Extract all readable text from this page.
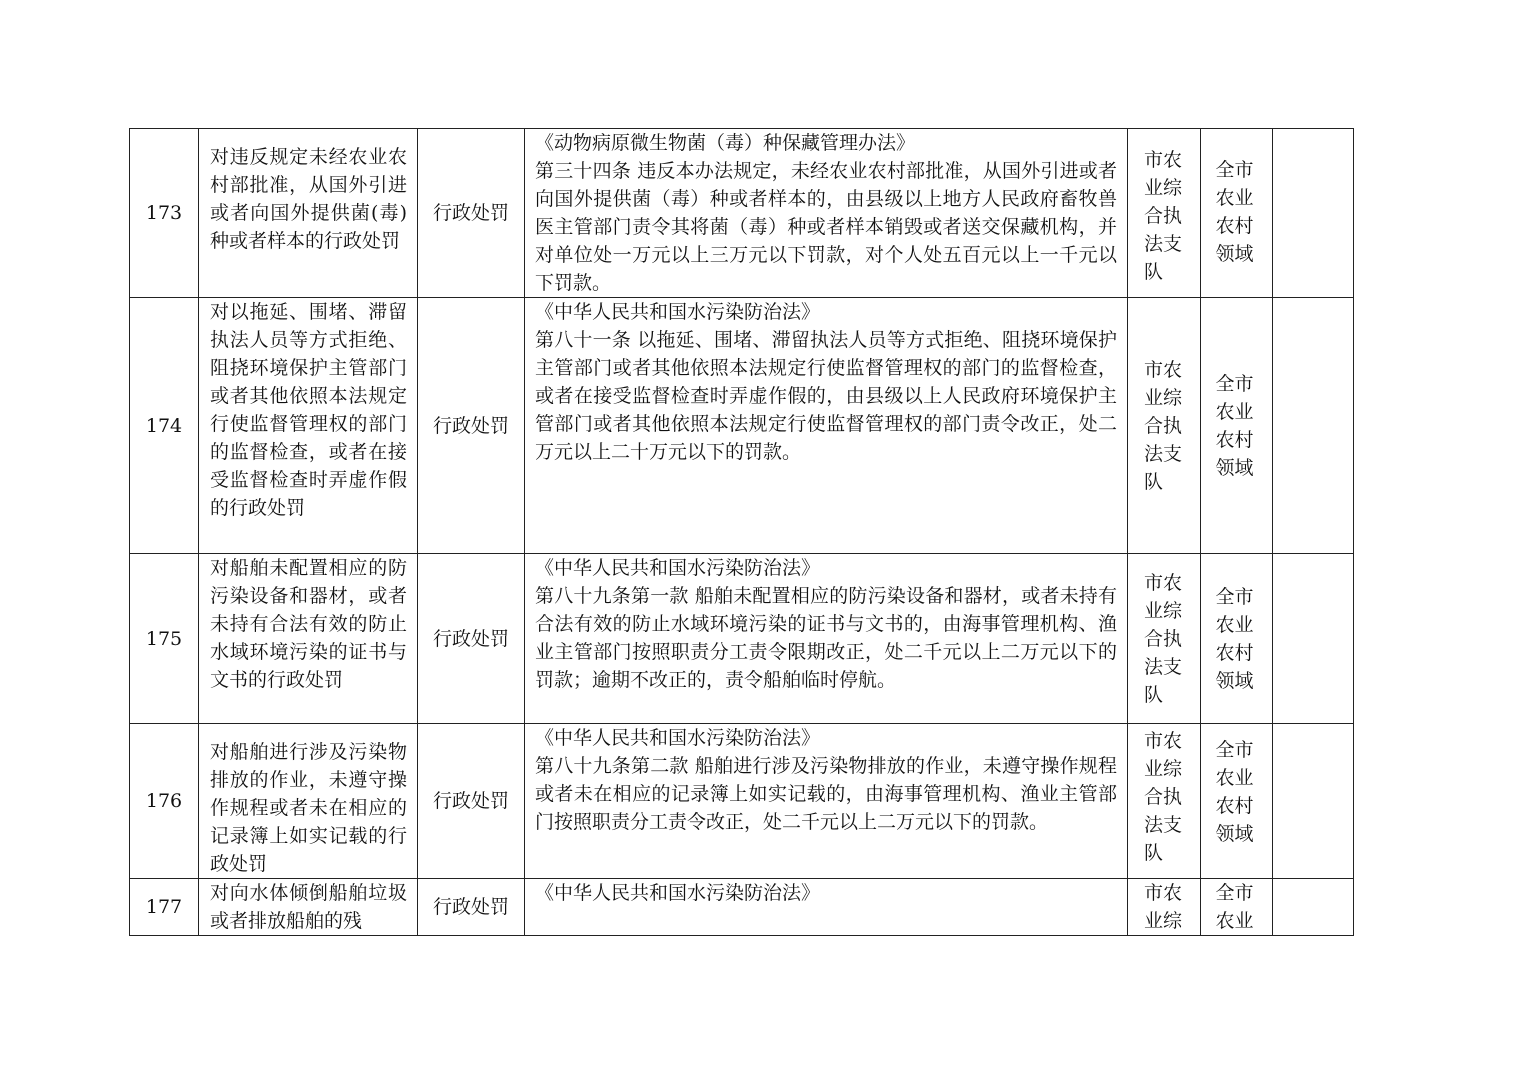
173	对违反规定未经农业农村部批准，从国外引进或者向国外提供菌(毒)种或者样本的行政处罚	行政处罚	《动物病原微生物菌（毒）种保藏管理办法》
第三十四条 违反本办法规定，未经农业农村部批准，从国外引进或者向国外提供菌（毒）种或者样本的，由县级以上地方人民政府畜牧兽医主管部门责令其将菌（毒）种或者样本销毁或者送交保藏机构，并对单位处一万元以上三万元以下罚款，对个人处五百元以上一千元以下罚款。	市农业综合执法支队	全市农业农村领域	
174	对以拖延、围堵、滞留执法人员等方式拒绝、阻挠环境保护主管部门或者其他依照本法规定行使监督管理权的部门的监督检查，或者在接受监督检查时弄虚作假的行政处罚	行政处罚	《中华人民共和国水污染防治法》
第八十一条 以拖延、围堵、滞留执法人员等方式拒绝、阻挠环境保护主管部门或者其他依照本法规定行使监督管理权的部门的监督检查，或者在接受监督检查时弄虚作假的，由县级以上人民政府环境保护主管部门或者其他依照本法规定行使监督管理权的部门责令改正，处二万元以上二十万元以下的罚款。	市农业综合执法支队	全市农业农村领域	
175	对船舶未配置相应的防污染设备和器材，或者未持有合法有效的防止水域环境污染的证书与文书的行政处罚	行政处罚	《中华人民共和国水污染防治法》
第八十九条第一款 船舶未配置相应的防污染设备和器材，或者未持有合法有效的防止水域环境污染的证书与文书的，由海事管理机构、渔业主管部门按照职责分工责令限期改正，处二千元以上二万元以下的罚款；逾期不改正的，责令船舶临时停航。	市农业综合执法支队	全市农业农村领域	
176	对船舶进行涉及污染物排放的作业，未遵守操作规程或者未在相应的记录簿上如实记载的行政处罚	行政处罚	《中华人民共和国水污染防治法》
第八十九条第二款 船舶进行涉及污染物排放的作业，未遵守操作规程或者未在相应的记录簿上如实记载的，由海事管理机构、渔业主管部门按照职责分工责令改正，处二千元以上二万元以下的罚款。	市农业综合执法支队	全市农业农村领域	
177	对向水体倾倒船舶垃圾或者排放船舶的残	行政处罚	《中华人民共和国水污染防治法》	市农业综	全市农业	
